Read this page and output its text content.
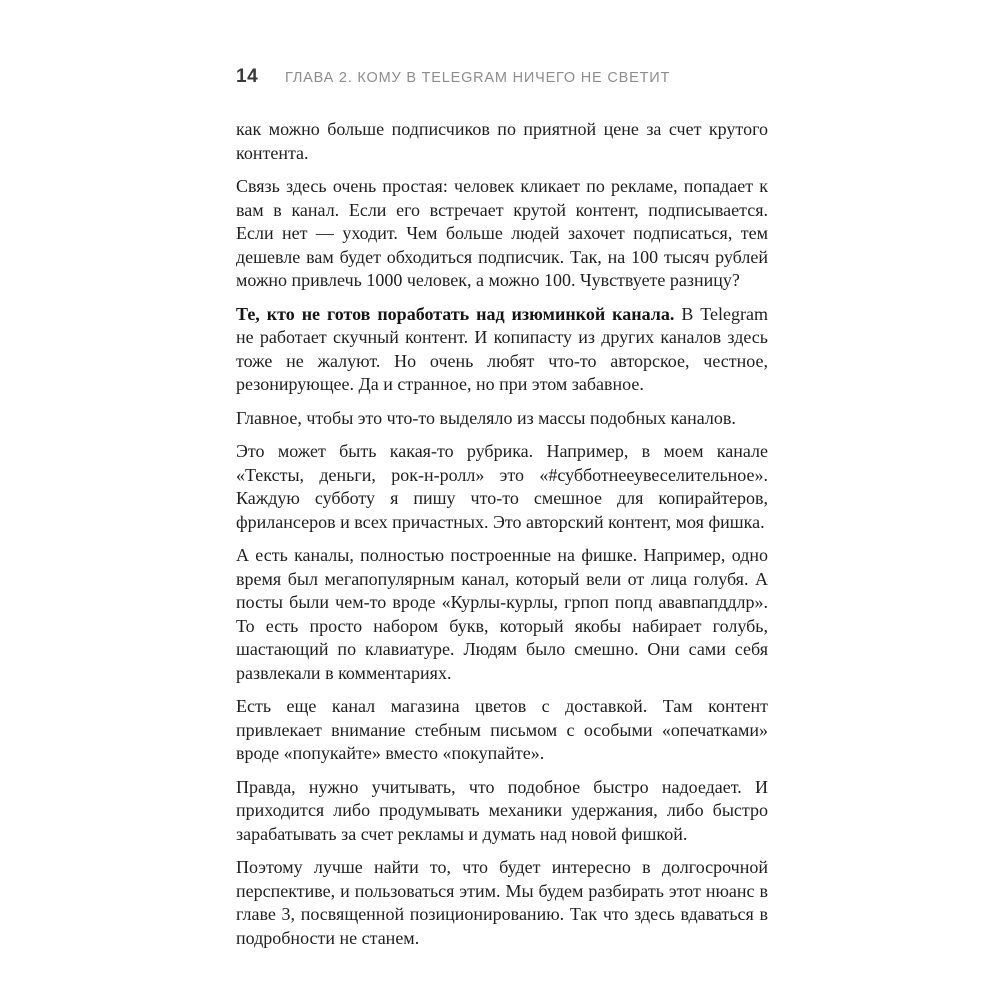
14	ГЛАВА 2. КОМУ В TELEGRAM НИЧЕГО НЕ СВЕТИТ

как можно больше подписчиков по приятной цене за счет крутого контента.

Связь здесь очень простая: человек кликает по рекламе, попадает к вам в канал. Если его встречает крутой контент, подписывается. Если нет — уходит. Чем больше людей захочет подписаться, тем дешевле вам будет обходиться подписчик. Так, на 100 тысяч рублей можно привлечь 1000 человек, а можно 100. Чувствуете разницу?

Те, кто не готов поработать над изюминкой канала. В Telegram не работает скучный контент. И копипасту из других каналов здесь тоже не жалуют. Но очень любят что-то авторское, честное, резонирующее. Да и странное, но при этом забавное.

Главное, чтобы это что-то выделяло из массы подобных каналов.

Это может быть какая-то рубрика. Например, в моем канале «Тексты, деньги, рок-н-ролл» это «#субботнееувеселительное». Каждую субботу я пишу что-то смешное для копирайтеров, фрилансеров и всех причастных. Это авторский контент, моя фишка.

А есть каналы, полностью построенные на фишке. Например, одно время был мегапопулярным канал, который вели от лица голубя. А посты были чем-то вроде «Курлы-курлы, грпоп попд ававпапддлр». То есть просто набором букв, который якобы набирает голубь, шастающий по клавиатуре. Людям было смешно. Они сами себя развлекали в комментариях.

Есть еще канал магазина цветов с доставкой. Там контент привлекает внимание стебным письмом с особыми «опечатками» вроде «попукайте» вместо «покупайте».

Правда, нужно учитывать, что подобное быстро надоедает. И приходится либо продумывать механики удержания, либо быстро зарабатывать за счет рекламы и думать над новой фишкой.

Поэтому лучше найти то, что будет интересно в долгосрочной перспективе, и пользоваться этим. Мы будем разбирать этот нюанс в главе 3, посвященной позиционированию. Так что здесь вдаваться в подробности не станем.
